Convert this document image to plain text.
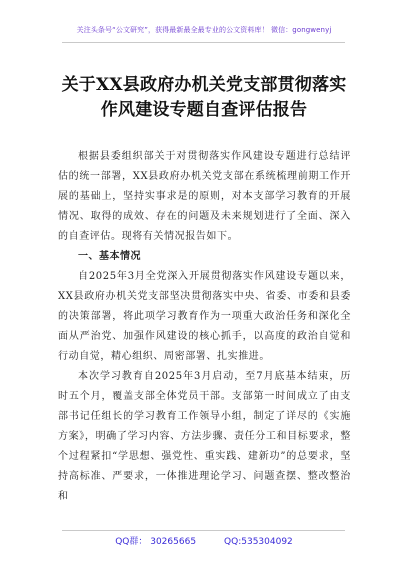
关注头条号“公文研究”，获得最新最全最专业的公文资料库！ 微信：gongwenyj
关于XX县政府办机关党支部贯彻落实
作风建设专题自查评估报告

根据县委组织部关于对贯彻落实作风建设专题进行总结评估的统一部署，XX县政府办机关党支部在系统梳理前期工作开展的基础上，坚持实事求是的原则，对本支部学习教育的开展情况、取得的成效、存在的问题及未来规划进行了全面、深入的自查评估。现将有关情况报告如下。

一、基本情况

自2025年3月全党深入开展贯彻落实作风建设专题以来，XX县政府办机关党支部坚决贯彻落实中央、省委、市委和县委的决策部署，将此项学习教育作为一项重大政治任务和深化全面从严治党、加强作风建设的核心抓手，以高度的政治自觉和行动自觉，精心组织、周密部署、扎实推进。

本次学习教育自2025年3月启动，至7月底基本结束，历时五个月，覆盖支部全体党员干部。支部第一时间成立了由支部书记任组长的学习教育工作领导小组，制定了详尽的《实施方案》，明确了学习内容、方法步骤、责任分工和目标要求，整个过程紧扣“学思想、强党性、重实践、建新功”的总要求，坚持高标准、严要求，一体推进理论学习、问题查摆、整改整治和

QQ群： 30265665	QQ:535304092
